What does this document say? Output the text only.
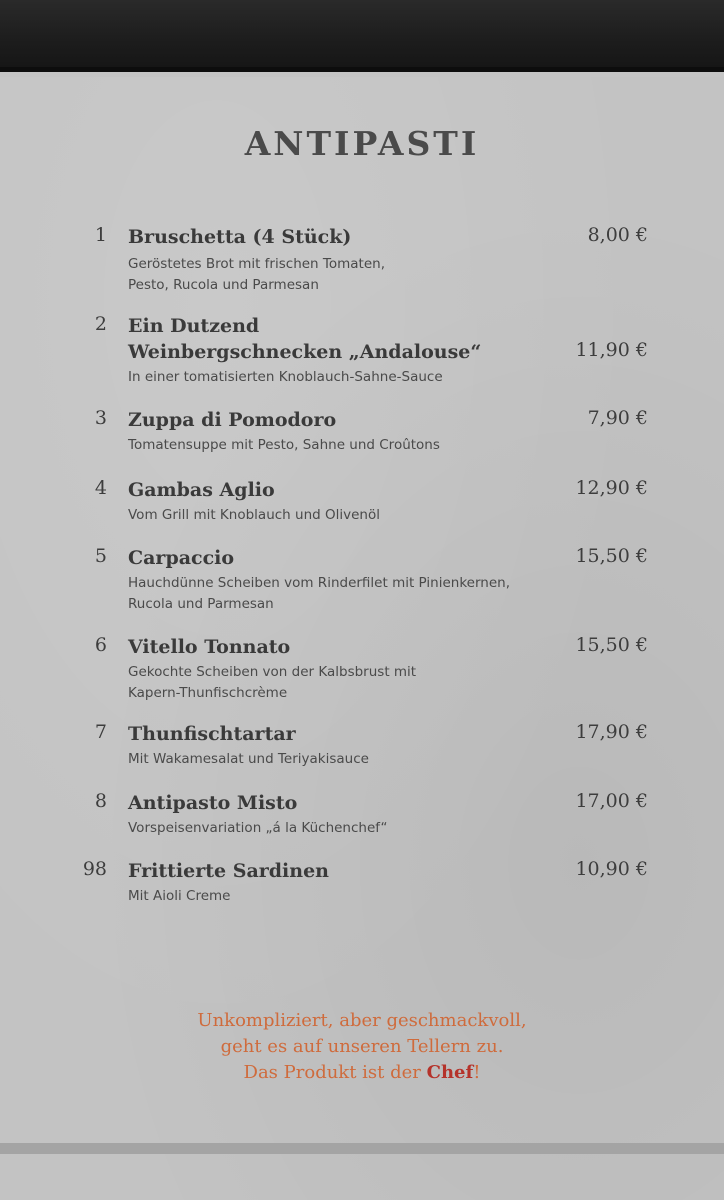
ANTIPASTI
1 Bruschetta (4 Stück)	8,00 €
Geröstetes Brot mit frischen Tomaten,
Pesto, Rucola und Parmesan
2 Ein Dutzend
Weinbergschnecken „Andalouse“	11,90 €
In einer tomatisierten Knoblauch-Sahne-Sauce
3 Zuppa di Pomodoro	7,90 €
Tomatensuppe mit Pesto, Sahne und Croûtons
4 Gambas Aglio	12,90 €
Vom Grill mit Knoblauch und Olivenöl
5 Carpaccio	15,50 €
Hauchdünne Scheiben vom Rinderfilet mit Pinienkernen,
Rucola und Parmesan
6 Vitello Tonnato	15,50 €
Gekochte Scheiben von der Kalbsbrust mit
Kapern-Thunfischcrème
7 Thunfischtartar	17,90 €
Mit Wakamesalat und Teriyakisauce
8 Antipasto Misto	17,00 €
Vorspeisenvariation „á la Küchenchef“
98 Frittierte Sardinen	10,90 €
Mit Aioli Creme
Unkompliziert, aber geschmackvoll,
geht es auf unseren Tellern zu.
Das Produkt ist der Chef!
